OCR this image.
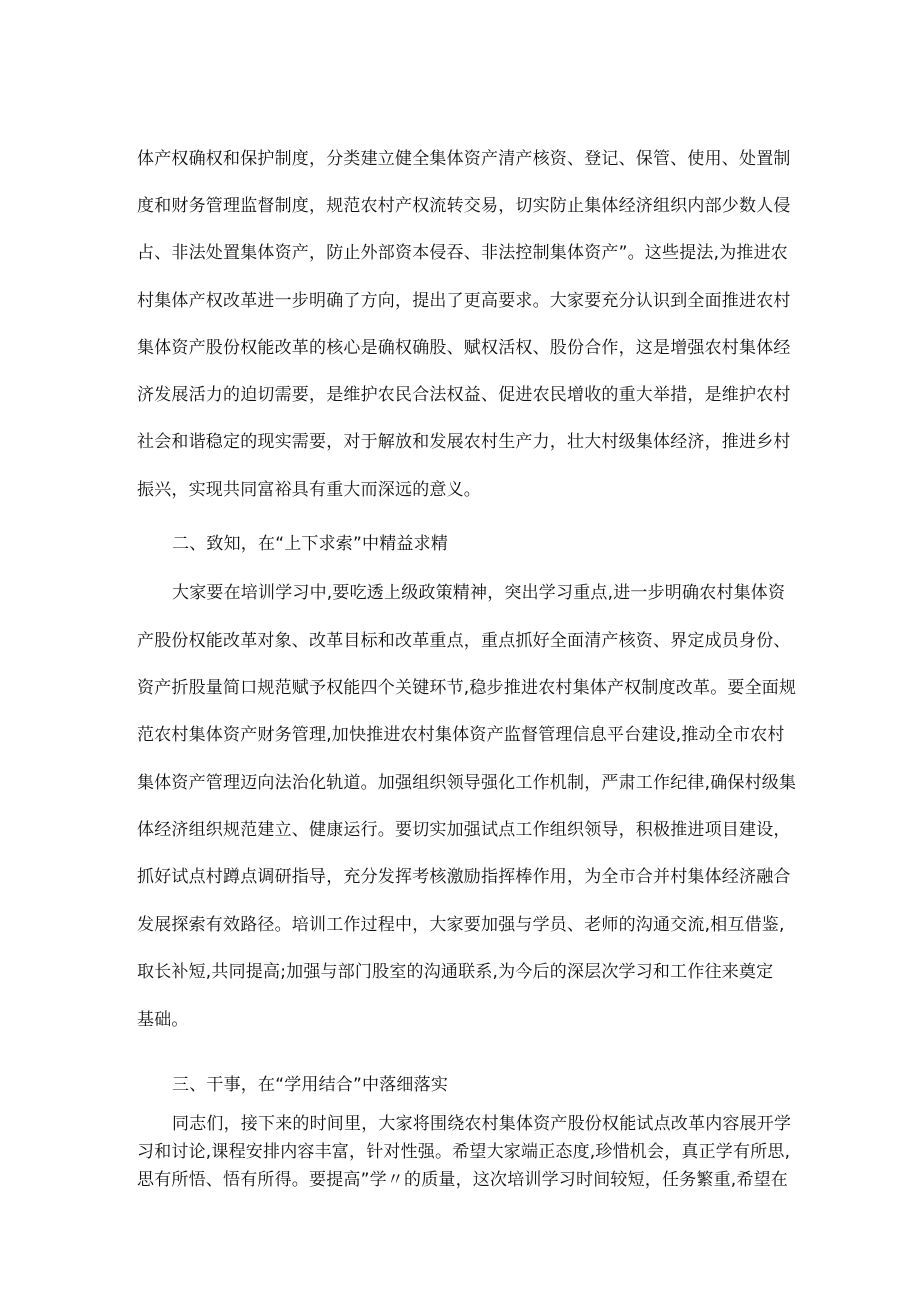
体产权确权和保护制度，分类建立健全集体资产清产核资、登记、保管、使用、处置制
度和财务管理监督制度，规范农村产权流转交易，切实防止集体经济组织内部少数人侵
占、非法处置集体资产，防止外部资本侵吞、非法控制集体资产”。这些提法,为推进农
村集体产权改革进一步明确了方向，提出了更高要求。大家要充分认识到全面推进农村
集体资产股份权能改革的核心是确权确股、赋权活权、股份合作，这是增强农村集体经
济发展活力的迫切需要，是维护农民合法权益、促进农民增收的重大举措，是维护农村
社会和谐稳定的现实需要，对于解放和发展农村生产力，壮大村级集体经济，推进乡村
振兴，实现共同富裕具有重大而深远的意义。
二、致知，在“上下求索”中精益求精
大家要在培训学习中,要吃透上级政策精神，突出学习重点,进一步明确农村集体资
产股份权能改革对象、改革目标和改革重点，重点抓好全面清产核资、界定成员身份、
资产折股量简口规范赋予权能四个关键环节,稳步推进农村集体产权制度改革。要全面规
范农村集体资产财务管理,加快推进农村集体资产监督管理信息平台建设,推动全市农村
集体资产管理迈向法治化轨道。加强组织领导强化工作机制，严肃工作纪律,确保村级集
体经济组织规范建立、健康运行。要切实加强试点工作组织领导，积极推进项目建设，
抓好试点村蹲点调研指导，充分发挥考核激励指挥棒作用，为全市合并村集体经济融合
发展探索有效路径。培训工作过程中，大家要加强与学员、老师的沟通交流,相互借鉴,
取长补短,共同提高;加强与部门股室的沟通联系,为今后的深层次学习和工作往来奠定
基础。
三、干事，在“学用结合”中落细落实
同志们，接下来的时间里，大家将围绕农村集体资产股份权能试点改革内容展开学
习和讨论,课程安排内容丰富，针对性强。希望大家端正态度,珍惜机会，真正学有所思,
思有所悟、悟有所得。要提高”学〃的质量，这次培训学习时间较短，任务繁重,希望在
